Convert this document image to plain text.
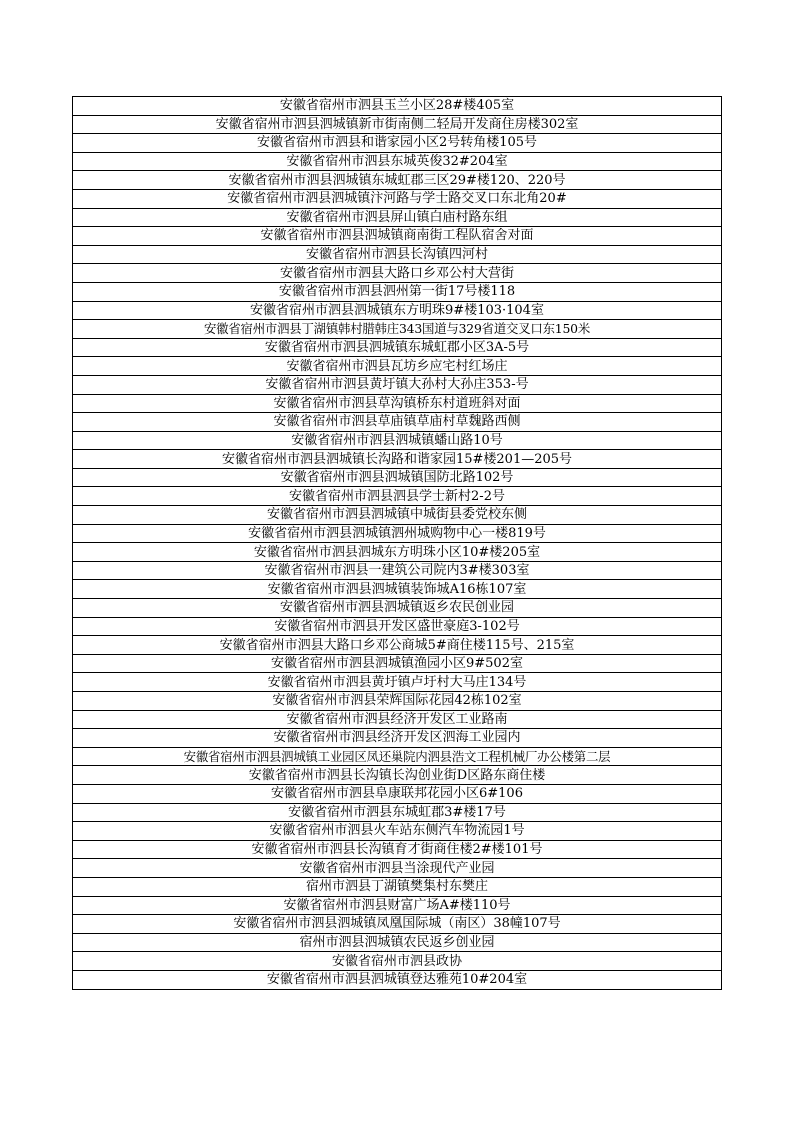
安徽省宿州市泗县玉兰小区28#楼405室
安徽省宿州市泗县泗城镇新市街南侧二轻局开发商住房楼302室
安徽省宿州市泗县和谐家园小区2号转角楼105号
安徽省宿州市泗县东城英俊32#204室
安徽省宿州市泗县泗城镇东城虹郡三区29#楼120、220号
安徽省宿州市泗县泗城镇汴河路与学士路交叉口东北角20#
安徽省宿州市泗县屏山镇白庙村路东组
安徽省宿州市泗县泗城镇商南街工程队宿舍对面
安徽省宿州市泗县长沟镇四河村
安徽省宿州市泗县大路口乡邓公村大营街
安徽省宿州市泗县泗州第一街17号楼118
安徽省宿州市泗县泗城镇东方明珠9#楼103·104室
安徽省宿州市泗县丁湖镇韩村腊韩庄343国道与329省道交叉口东150米
安徽省宿州市泗县泗城镇东城虹郡小区3A-5号
安徽省宿州市泗县瓦坊乡应宅村红场庄
安徽省宿州市泗县黄圩镇大孙村大孙庄353-号
安徽省宿州市泗县草沟镇桥东村道班斜对面
安徽省宿州市泗县草庙镇草庙村草魏路西侧
安徽省宿州市泗县泗城镇蟠山路10号
安徽省宿州市泗县泗城镇长沟路和谐家园15#楼201—205号
安徽省宿州市泗县泗城镇国防北路102号
安徽省宿州市泗县泗县学士新村2-2号
安徽省宿州市泗县泗城镇中城街县委党校东侧
安徽省宿州市泗县泗城镇泗州城购物中心一楼819号
安徽省宿州市泗县泗城东方明珠小区10#楼205室
安徽省宿州市泗县一建筑公司院内3#楼303室
安徽省宿州市泗县泗城镇装饰城A16栋107室
安徽省宿州市泗县泗城镇返乡农民创业园
安徽省宿州市泗县开发区盛世豪庭3-102号
安徽省宿州市泗县大路口乡邓公商城5#商住楼115号、215室
安徽省宿州市泗县泗城镇渔园小区9#502室
安徽省宿州市泗县黄圩镇卢圩村大马庄134号
安徽省宿州市泗县荣辉国际花园42栋102室
安徽省宿州市泗县经济开发区工业路南
安徽省宿州市泗县经济开发区泗海工业园内
安徽省宿州市泗县泗城镇工业园区凤还巢院内泗县浩文工程机械厂办公楼第二层
安徽省宿州市泗县长沟镇长沟创业街D区路东商住楼
安徽省宿州市泗县阜康联邦花园小区6#106
安徽省宿州市泗县东城虹郡3#楼17号
安徽省宿州市泗县火车站东侧汽车物流园1号
安徽省宿州市泗县长沟镇育才街商住楼2#楼101号
安徽省宿州市泗县当涂现代产业园
宿州市泗县丁湖镇樊集村东樊庄
安徽省宿州市泗县财富广场A#楼110号
安徽省宿州市泗县泗城镇凤凰国际城（南区）38幢107号
宿州市泗县泗城镇农民返乡创业园
安徽省宿州市泗县政协
安徽省宿州市泗县泗城镇登达雅苑10#204室
